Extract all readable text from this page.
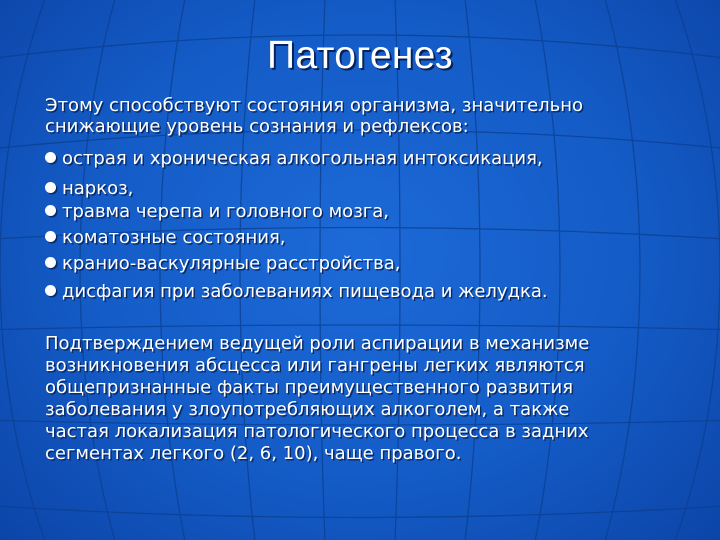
Патогенез
Этому способствуют состояния организма, значительно
снижающие уровень сознания и рефлексов:
острая и хроническая алкогольная интоксикация,
наркоз,
травма черепа и головного мозга,
коматозные состояния,
кранио-васкулярные расстройства,
дисфагия при заболеваниях пищевода и желудка.
Подтверждением ведущей роли аспирации в механизме
возникновения абсцесса или гангрены легких являются
общепризнанные факты преимущественного развития
заболевания у злоупотребляющих алкоголем, а также
частая локализация патологического процесса в задних
сегментах легкого (2, 6, 10), чаще правого.
